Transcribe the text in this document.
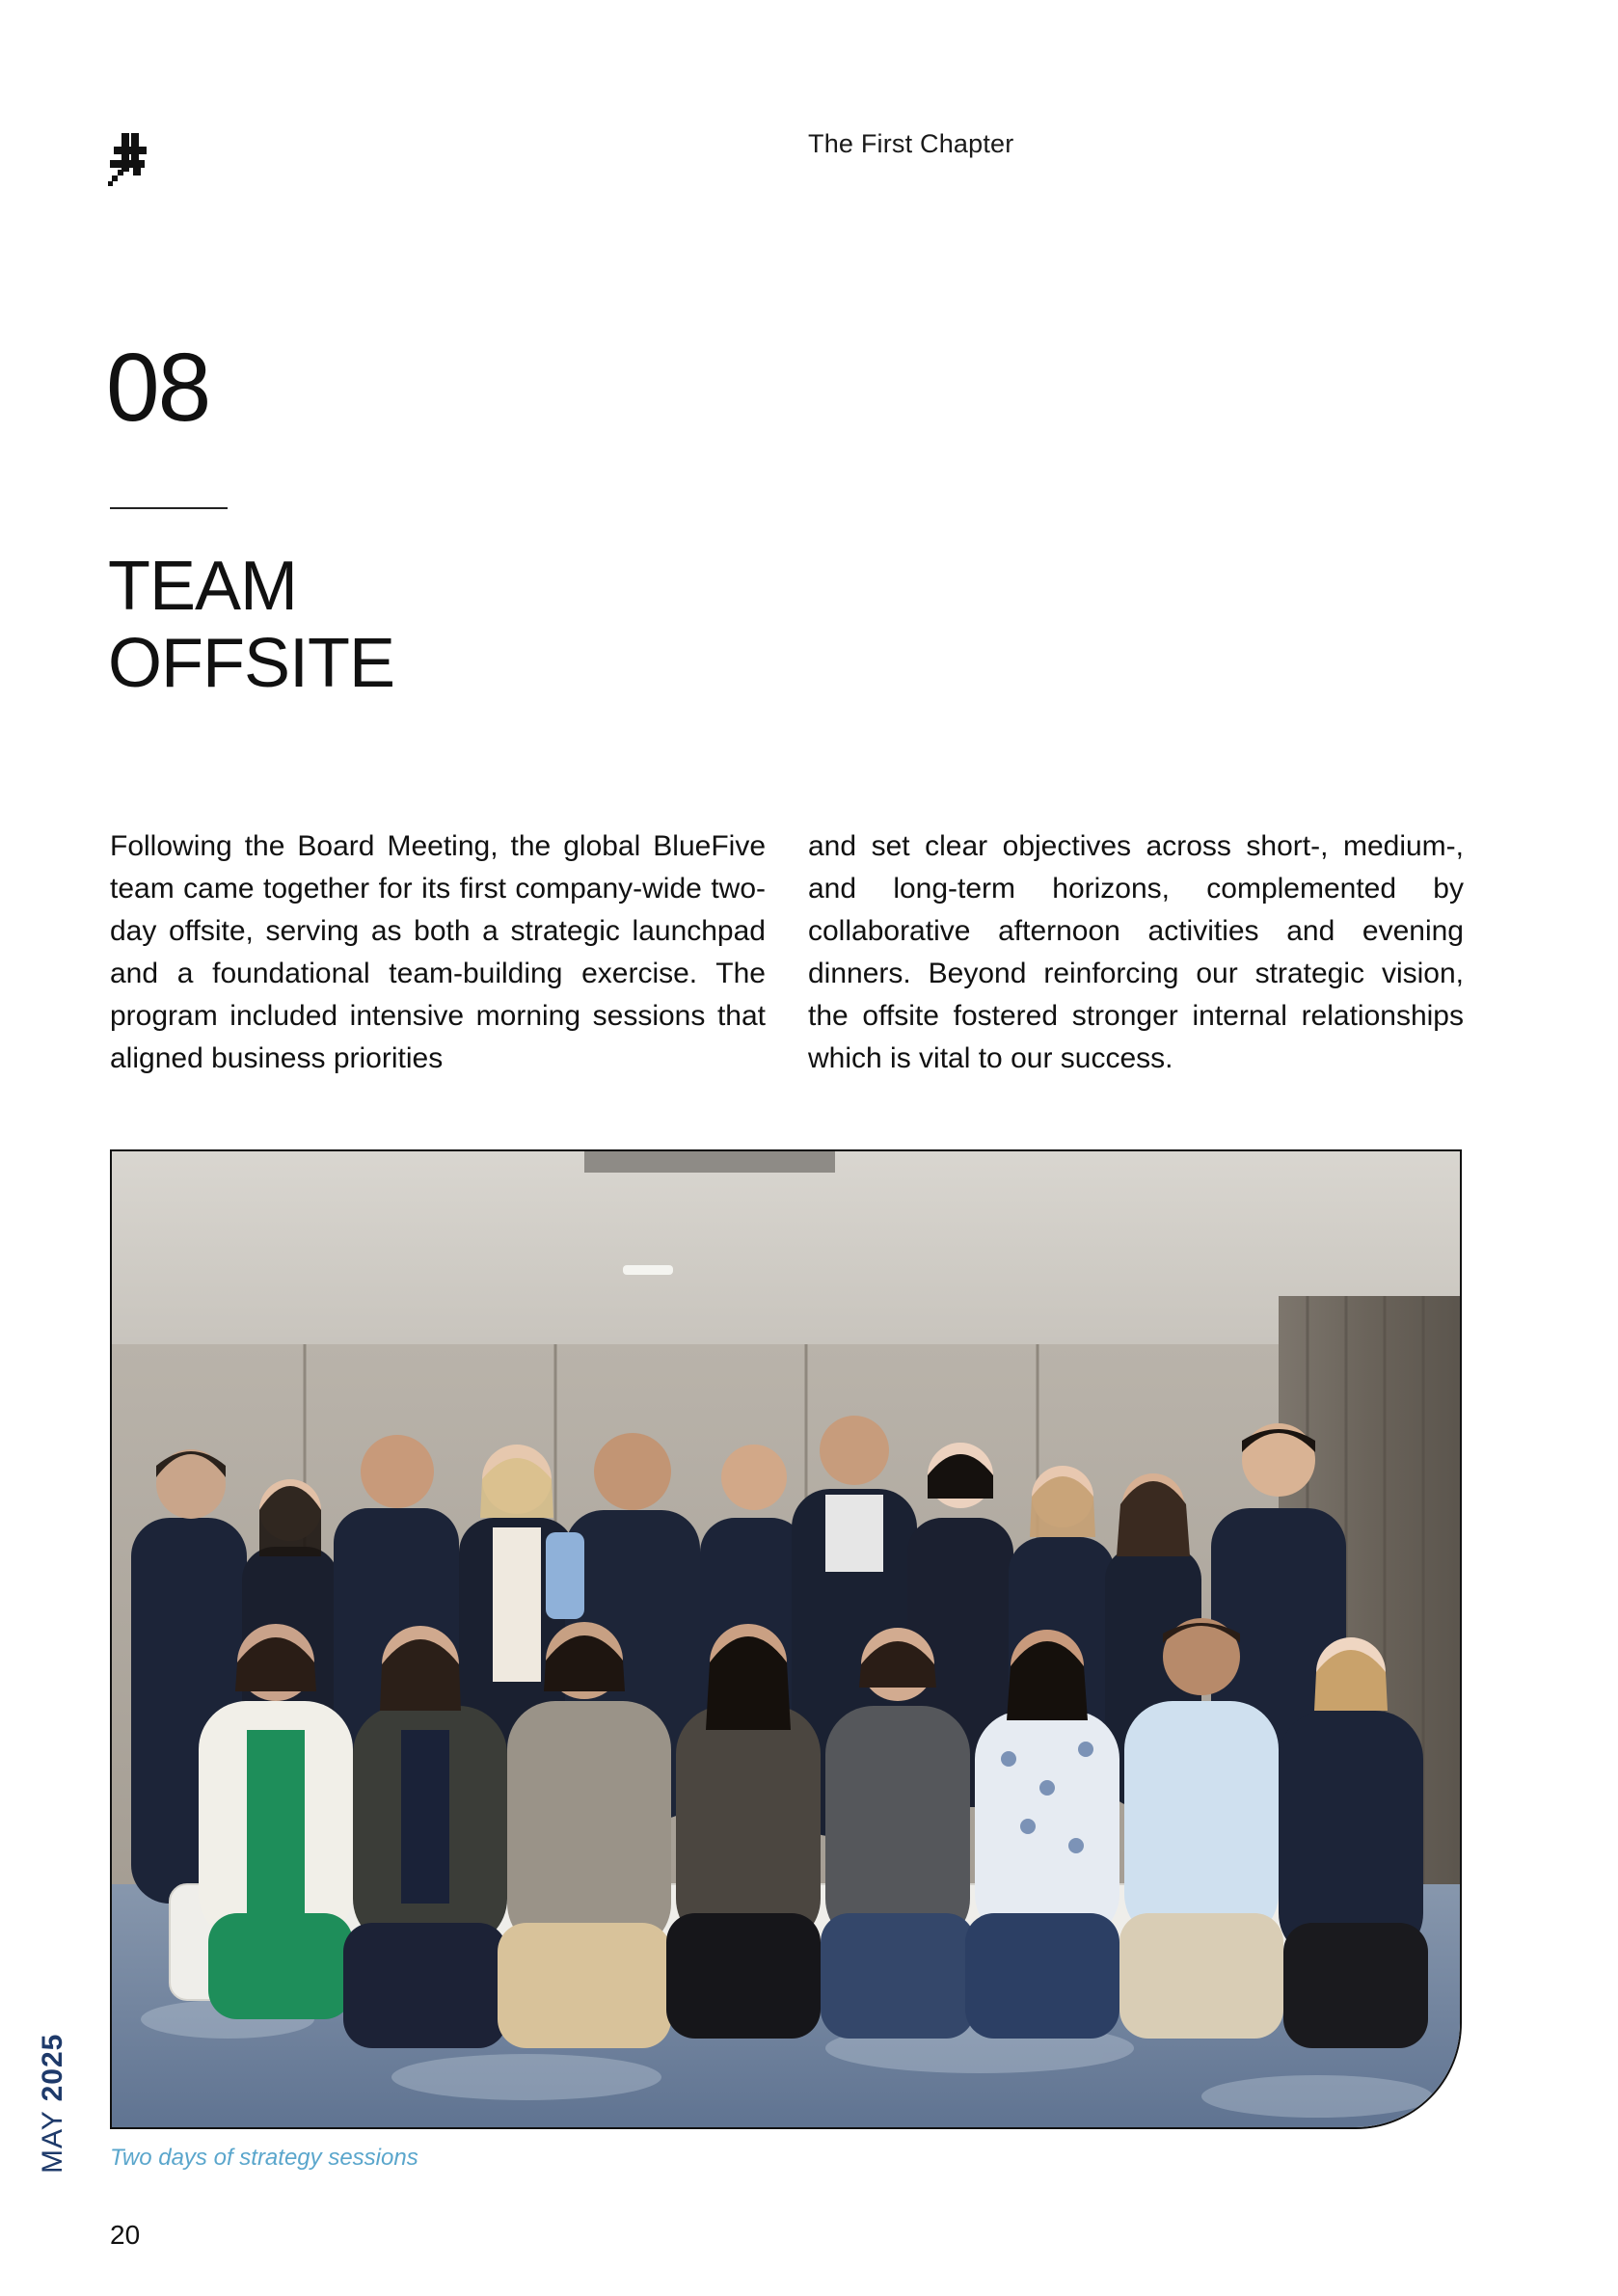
The First Chapter
08
TEAM
OFFSITE

Following the Board Meeting, the global BlueFive team came together for its first company-wide two-day offsite, serving as both a strategic launchpad and a foundational team-building exercise. The program included intensive morning sessions that aligned business priorities

and set clear objectives across short-, medium-, and long-term horizons, complemented by collaborative afternoon activities and evening dinners. Beyond reinforcing our strategic vision, the offsite fostered stronger internal relationships which is vital to our success.

Two days of strategy sessions
MAY 2025
20
